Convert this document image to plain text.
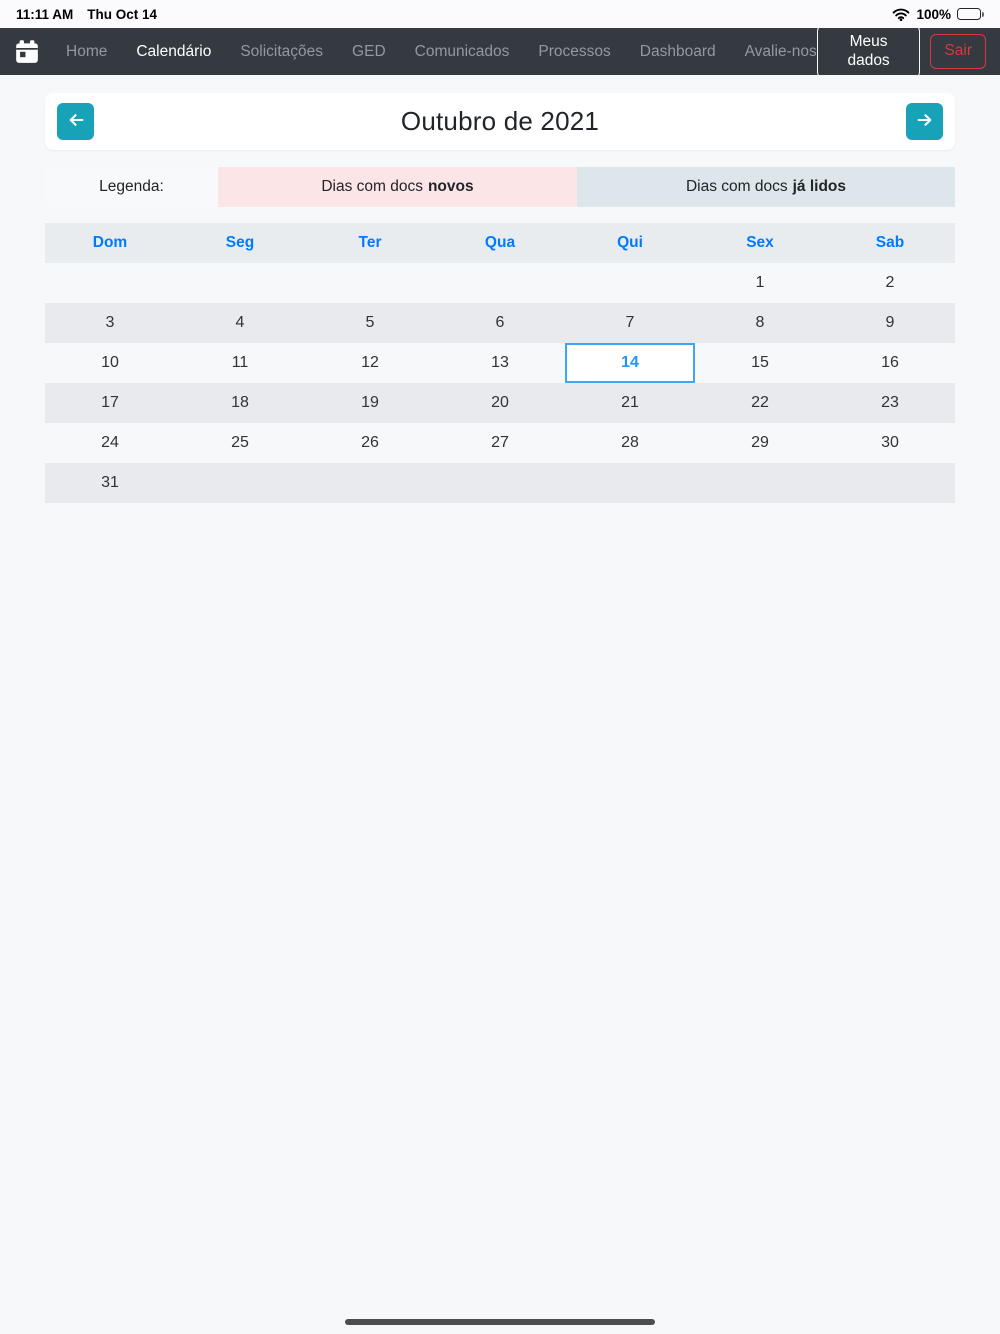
11:11 AM Thu Oct 14	100%
Home Calendário Solicitações GED Comunicados Processos Dashboard Avalie-nos
Meus dados
Sair
Outubro de 2021
Legenda:	Dias com docs novos	Dias com docs já lidos
Dom	Seg	Ter	Qua	Qui	Sex	Sab
					1	2
3	4	5	6	7	8	9
10	11	12	13	14	15	16
17	18	19	20	21	22	23
24	25	26	27	28	29	30
31						
